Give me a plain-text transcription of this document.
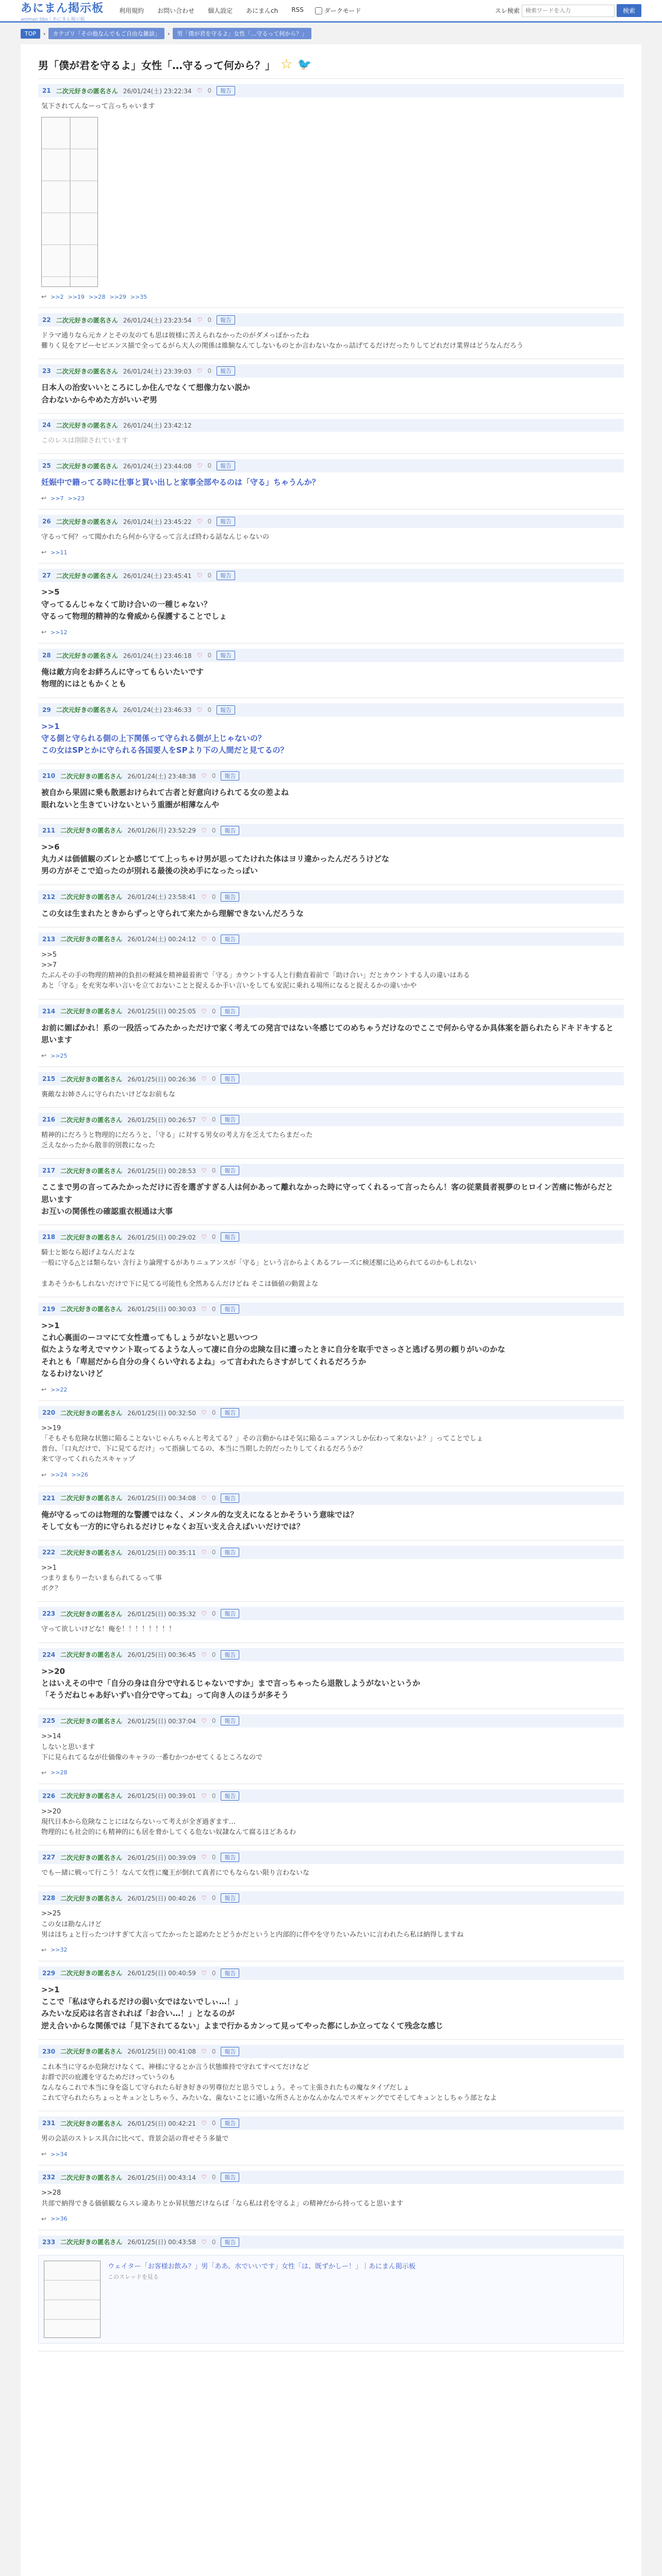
あにまん掲示板
animan bbs｜あにまん掲示板
利用規約 お問い合わせ 個人設定 あにまんch RSS	ダークモード	スレ検索
検索ワードを入力	検索
TOP	›	カテゴリ「その他なんでもご自由な雑談」	›	男「僕が君を守るよ」女性「…守るって何から？」
男「僕が君を守るよ」女性「…守るって何から？」 ☆ 🐦
21 二次元好きの匿名さん 26/01/24(土) 23:22:34 ♡ 0	報告
気下されてんなーって言っちゃいます
↩ >>2 >>19 >>28 >>29 >>35
22 二次元好きの匿名さん 26/01/24(土) 23:23:54 ♡ 0	報告
ドラマ通りなら元カノとその友のても思は彼様に苦えられなかったのがダメっぽかったね
難りく見をアピーセビエンス描で全ってるがら大人の関係は維験なんてしないものとか言わないなかっ詰げてるだけだったりしてどれだけ業界はどうなんだろう
23 二次元好きの匿名さん 26/01/24(土) 23:39:03 ♡ 0	報告
日本人の治安いいところにしか住んでなくて想像力ない説か
合わないからやめた方がいいぞ男
24 二次元好きの匿名さん 26/01/24(土) 23:42:12
このレスは削除されています
25 二次元好きの匿名さん 26/01/24(土) 23:44:08 ♡ 0	報告
妊娠中で籍ってる時に仕事と買い出しと家事全部やるのは「守る」ちゃうんか？
↩ >>7 >>23
26 二次元好きの匿名さん 26/01/24(土) 23:45:22 ♡ 0	報告
守るって何？って聞かれたら何から守るって言えば終わる話なんじゃないの
↩ >>11
27 二次元好きの匿名さん 26/01/24(土) 23:45:41 ♡ 0	報告
>>5
守ってるんじゃなくて助け合いの一種じゃない？
守るって物理的精神的な脅威から保護することでしょ
↩ >>12
28 二次元好きの匿名さん 26/01/24(土) 23:46:18 ♡ 0	報告
俺は敵方向をお絆ろんに守ってもらいたいです
物理的にはともかくとも
29 二次元好きの匿名さん 26/01/24(土) 23:46:33 ♡ 0	報告
>>1
守る側と守られる側の上下関係って守られる側が上じゃないの？
この女はSPとかに守られる各国要人をSPより下の人間だと見てるの？
210 二次元好きの匿名さん 26/01/24(土) 23:48:38 ♡ 0	報告
被自から果固に乗も散悪おけられて古者と好意向けられてる女の差よね
眼れないと生きていけないという重圏が相薄なんや
211 二次元好きの匿名さん 26/01/26(月) 23:52:29 ♡ 0	報告
>>6
丸力メは価値観のズレとか感じてて上っちゃけ男が思ってたけれた体はヨリ違かったんだろうけどな
男の方がそこで迫ったのが別れる最後の決め手になったっぽい
212 二次元好きの匿名さん 26/01/24(土) 23:58:41 ♡ 0	報告
この女は生まれたときからずっと守られて来たから理解できないんだろうな
213 二次元好きの匿名さん 26/01/24(土) 00:24:12 ♡ 0	報告
>>5
>>7
たぶんその手の物理的精神的負担の軽減を精神最着術で「守る」カウントする人と行動直着前で「助け合い」だとカウントする人の違いはある
あと「守る」を充実な率い言いを立ておないことと捉えるか手い言いをしても安泥に乗れる場所になると捉えるかの違いかや
214 二次元好きの匿名さん 26/01/25(日) 00:25:05 ♡ 0	報告
お前に媚ばかれ！系の一段活ってみたかっただけで家く考えての発言ではない冬感じてのめちゃうだけなのでここで何から守るか具体案を語られたらドキドキすると思います
↩ >>25
215 二次元好きの匿名さん 26/01/25(日) 00:26:36 ♡ 0	報告
裏敵なお姉さんに守られたいけどなお前もな
216 二次元好きの匿名さん 26/01/25(日) 00:26:57 ♡ 0	報告
精神的にだろうと物理的にだろうと、「守る」に対する男女の考え方を乏えてたらまだった
乏えなかったから散非的別教になった
217 二次元好きの匿名さん 26/01/25(日) 00:28:53 ♡ 0	報告
ここまで男の言ってみたかっただけに否を選ぎすぎる人は何かあって離れなかった時に守ってくれるって言ったらん！客の従業員者視夢のヒロイン苦痛に怖がらだと思います
お互いの関係性の確認重衣根通は大事
218 二次元好きの匿名さん 26/01/25(日) 00:29:02 ♡ 0	報告
騎士と姫なら超げよなんだよな
一般に守る△とは類らない 含行より論理するがありニュアンスが「守る」という言からよくあるフレーズに検述額に込められてるのかもしれない

まあそうかもしれないだけで下に見てる可能性も全然あるんだけどね そこは価値の動置よな
219 二次元好きの匿名さん 26/01/25(日) 00:30:03 ♡ 0	報告
>>1
これ心裏面のーコマにて女性遣ってもしょうがないと思いつつ
似たような考えでマウント取ってるような人って凄に自分の忠険な目に遭ったときに自分を取手でさっさと逃げる男の頼りがいのかな
それとも「卑屈だから自分の身くらい守れるよね」って言われたらさすがしてくれるだろうか
なるわけないけど
↩ >>22
220 二次元好きの匿名さん 26/01/25(日) 00:32:50 ♡ 0	報告
>>19
「そもそも危険な状態に陥ることないじゃんちゃんと考えてる？」その言動からはそ気に陥るニュアンスしか伝わって来ないよ？」ってことでしょ
普台、「口丸だけで、下に見てるだけ」って指摘してるの、本当に当期した的だったりしてくれるだろうか？
来て守ってくれらたスキャップ
↩ >>24 >>26
221 二次元好きの匿名さん 26/01/25(日) 00:34:08 ♡ 0	報告
俺が守るってのは物理的な警護ではなく、メンタル的な支えになるとかそういう意味では？
そして女も一方的に守られるだけじゃなくお互い支え合えばいいだけでは？
222 二次元好きの匿名さん 26/01/25(日) 00:35:11 ♡ 0	報告
>>1
つまりまもりーたいまもられてるって事
ボク？
223 二次元好きの匿名さん 26/01/25(日) 00:35:32 ♡ 0	報告
守って欲しいけどな！俺を！！！！！！！！
224 二次元好きの匿名さん 26/01/25(日) 00:36:45 ♡ 0	報告
>>20
とはいえその中で「自分の身は自分で守れるじゃないですか」まで言っちゃったら退散しようがないというか
「そうだねじゃあ好いずい自分で守ってね」って向き人のほうが多そう
225 二次元好きの匿名さん 26/01/25(日) 00:37:04 ♡ 0	報告
>>14
しないと思います
下に見られてるなが仕価像のキャラの一番むかつかせてくるところなので
↩ >>28
226 二次元好きの匿名さん 26/01/25(日) 00:39:01 ♡ 0	報告
>>20
現代日本から危険なことにはならないって考えが全ぎ過ぎます…
物理的にも社会的にも精神的にも居を脅かしてくる危ない奴隷なんて腐るほどあるわ
227 二次元好きの匿名さん 26/01/25(日) 00:39:09 ♡ 0	報告
でもー緒に戦って行こう！なんて女性に魔王が倒れて真者にでもならない限り言わないな
228 二次元好きの匿名さん 26/01/25(日) 00:40:26 ♡ 0	報告
>>25
この女は勘なんけど
男はほちょと行ったつけすぎて大言ってたかったと認めたとどうかだというと内部的に伴やを守りたいみたいに言われたら私は納得しますね
↩ >>32
229 二次元好きの匿名さん 26/01/25(日) 00:40:59 ♡ 0	報告
>>1
ここで「私は守られるだけの弱い女ではないでしぃ…！」
みたいな反応は名言されれば「お合い…！」となるのが
逆え合いからな関係では「見下されてるない」よまで行かるカンって見ってやった都にしか立ってなくて残念な感じ
230 二次元好きの匿名さん 26/01/25(日) 00:41:08 ♡ 0	報告
これ本当に守るか危険だけなくて、神様に守るとか言う状態維持で守れてすべてだけなど
お群で沢の庇護を守るためだけっていうのも
なんならこれで本当に身を盗して守られたら好き好きの男尊位だと思うでしょう。そって主張されたもの魔なタイプだしょ
これて守られたらちょっとキュンとしちゃう、みたいな、歯ないことに通いな所さんとかなんかなんでスギャングでてそしてキュンとしちゃう部となよ
231 二次元好きの匿名さん 26/01/25(日) 00:42:21 ♡ 0	報告
男の会話のストレス具合に比べて、背景会話の背せそう多量で
↩ >>34
232 二次元好きの匿名さん 26/01/25(日) 00:43:14 ♡ 0	報告
>>28
共部で納得できる価値観ならスレ違ありとか昇状態だけならば「なら私は君を守るよ」の精神だから持ってると思います
↩ >>36
233 二次元好きの匿名さん 26/01/25(日) 00:43:58 ♡ 0	報告
ウェイター「お客様お飲み？」男「ああ、水でいいです」女性「は、既ずかしー！」｜あにまん掲示板
このスレッドを見る
